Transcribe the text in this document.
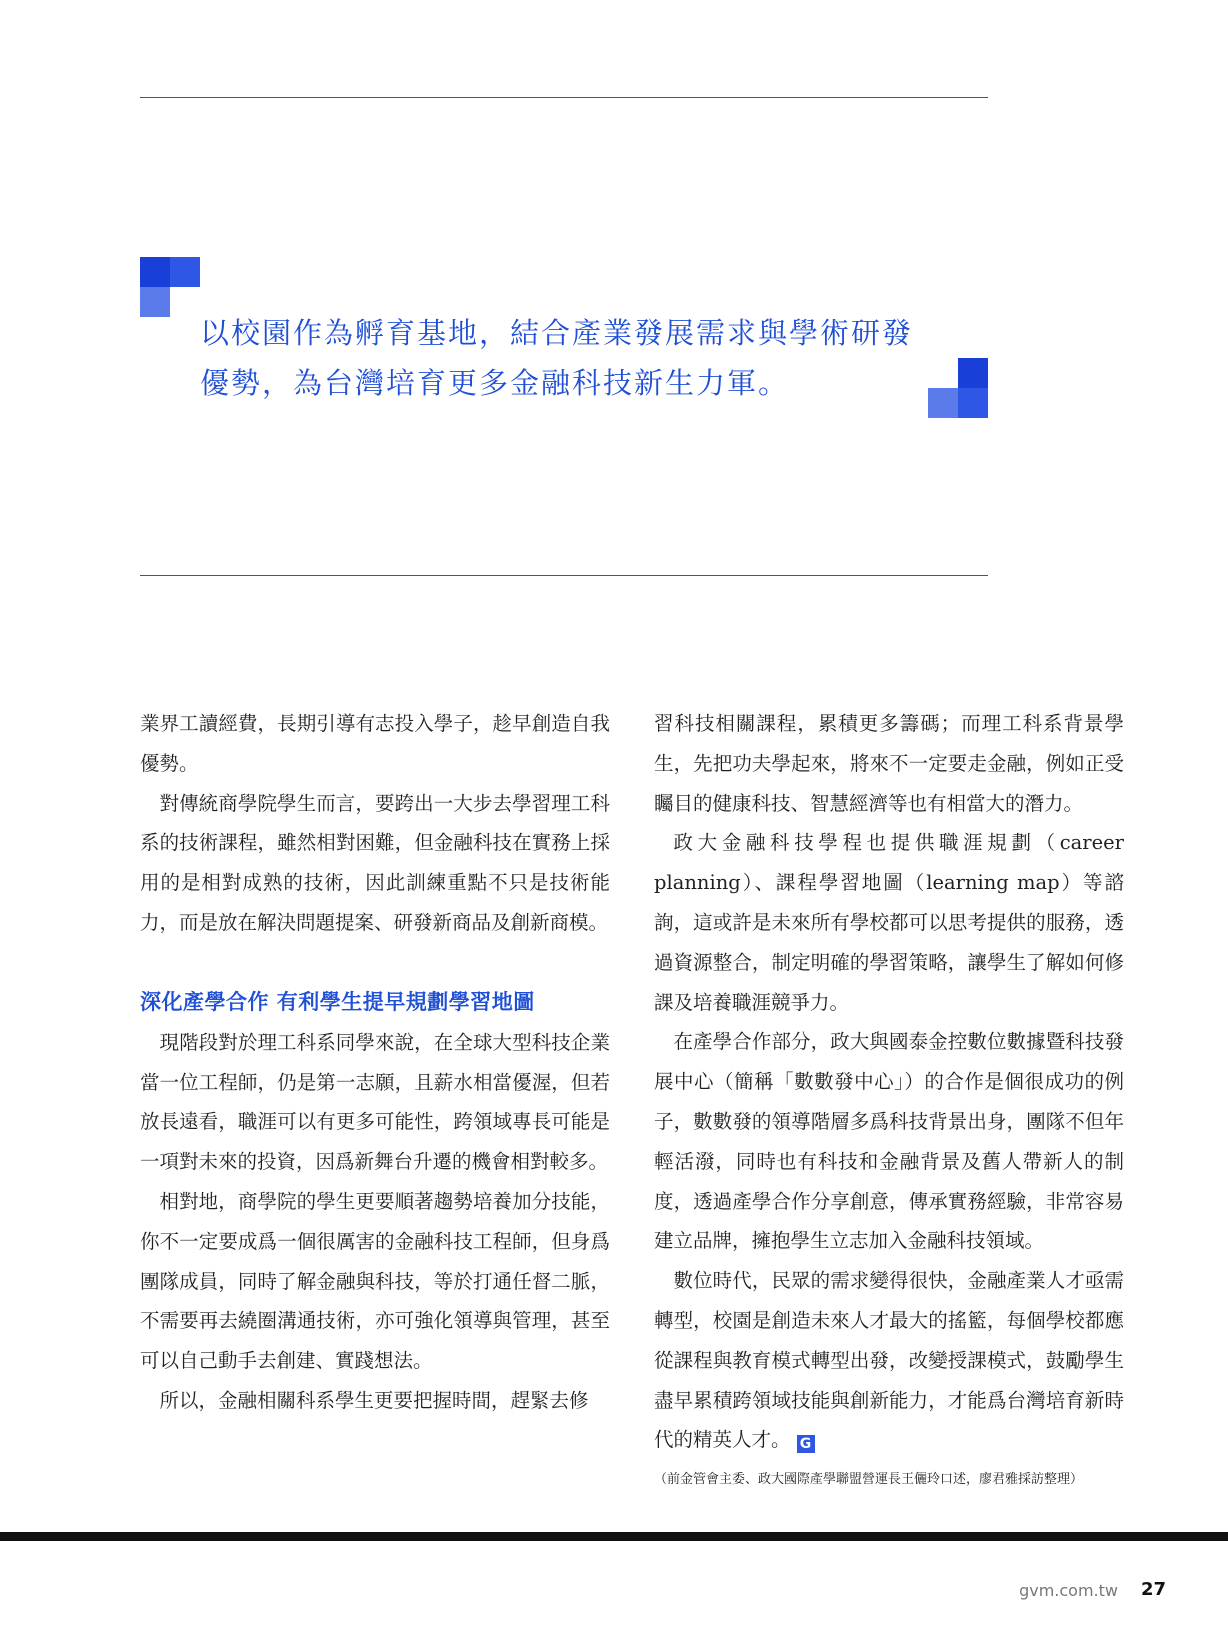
以校園作為孵育基地，結合產業發展需求與學術研發優勢，為台灣培育更多金融科技新生力軍。

業界工讀經費，長期引導有志投入學子，趁早創造自我優勢。

對傳統商學院學生而言，要跨出一大步去學習理工科系的技術課程，雖然相對困難，但金融科技在實務上採用的是相對成熟的技術，因此訓練重點不只是技術能力，而是放在解決問題提案、研發新商品及創新商模。

深化產學合作 有利學生提早規劃學習地圖

現階段對於理工科系同學來說，在全球大型科技企業當一位工程師，仍是第一志願，且薪水相當優渥，但若放長遠看，職涯可以有更多可能性，跨領域專長可能是一項對未來的投資，因爲新舞台升遷的機會相對較多。

相對地，商學院的學生更要順著趨勢培養加分技能，你不一定要成爲一個很厲害的金融科技工程師，但身爲團隊成員，同時了解金融與科技，等於打通任督二脈，不需要再去繞圈溝通技術，亦可強化領導與管理，甚至可以自己動手去創建、實踐想法。

所以，金融相關科系學生更要把握時間，趕緊去修

習科技相關課程，累積更多籌碼；而理工科系背景學生，先把功夫學起來，將來不一定要走金融，例如正受矚目的健康科技、智慧經濟等也有相當大的潛力。

政大金融科技學程也提供職涯規劃（career planning）、課程學習地圖（learning map）等諮詢，這或許是未來所有學校都可以思考提供的服務，透過資源整合，制定明確的學習策略，讓學生了解如何修課及培養職涯競爭力。

在產學合作部分，政大與國泰金控數位數據暨科技發展中心（簡稱「數數發中心」）的合作是個很成功的例子，數數發的領導階層多爲科技背景出身，團隊不但年輕活潑，同時也有科技和金融背景及舊人帶新人的制度，透過產學合作分享創意，傳承實務經驗，非常容易建立品牌，擁抱學生立志加入金融科技領域。

數位時代，民眾的需求變得很快，金融產業人才亟需轉型，校園是創造未來人才最大的搖籃，每個學校都應從課程與教育模式轉型出發，改變授課模式，鼓勵學生盡早累積跨領域技能與創新能力，才能爲台灣培育新時代的精英人才。 G

（前金管會主委、政大國際產學聯盟營運長王儷玲口述，廖君雅採訪整理）
gvm.com.tw 27
